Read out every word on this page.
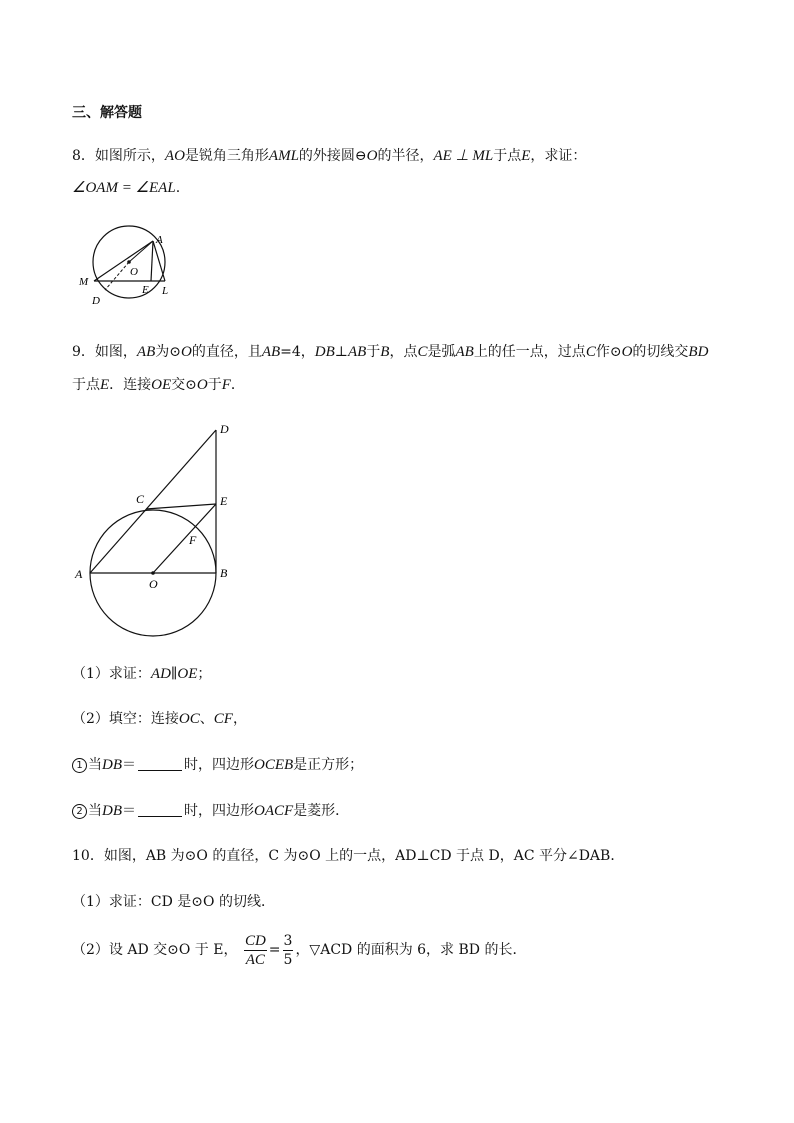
三、解答题
8．如图所示，AO是锐角三角形AML的外接圆⊖O的半径，AE ⊥ ML于点E，求证：
∠OAM = ∠EAL.
A
O
M
D
E L
9．如图，AB为⊙O的直径，且AB=4，DB⊥AB于B，点C是弧AB上的任一点，过点C作⊙O的切线交BD
于点E．连接OE交⊙O于F．
D
C	E
F
A
O
B
（1）求证：AD∥OE；
（2）填空：连接OC、CF，
1 当DB＝	时，四边形OCEB是正方形；
2 当DB＝	时，四边形OACF是菱形．
10．如图，AB 为⊙O 的直径，C 为⊙O 上的一点，AD⊥CD 于点 D，AC 平分∠DAB．
（1）求证：CD 是⊙O 的切线．
（2）设 AD 交⊙O 于 E， $\frac{CD}{AC} = \frac{3}{5}$ ，▽ACD 的面积为 6，求 BD 的长．
